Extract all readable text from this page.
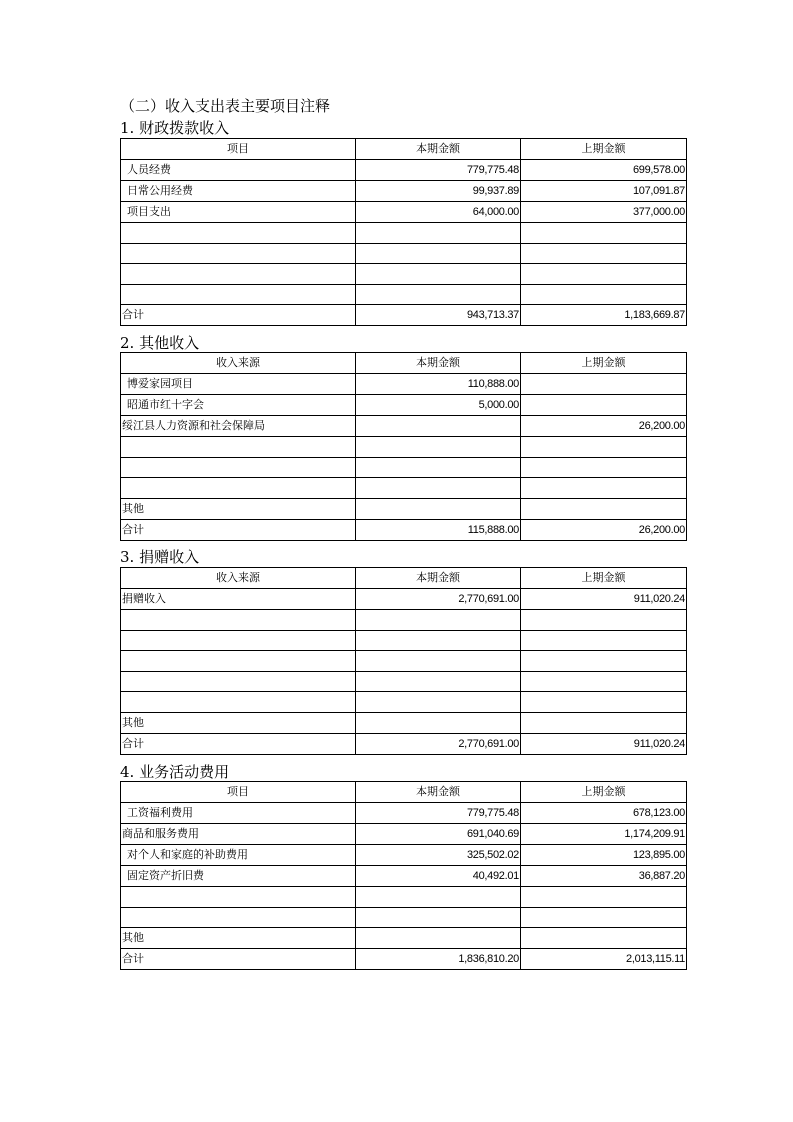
（二）收入支出表主要项目注释
1. 财政拨款收入
项目	本期金额	上期金额
人员经费	779,775.48	699,578.00
日常公用经费	99,937.89	107,091.87
项目支出	64,000.00	377,000.00

合计	943,713.37	1,183,669.87
2. 其他收入
收入来源	本期金额	上期金额
博爱家园项目	110,888.00	
昭通市红十字会	5,000.00	
绥江县人力资源和社会保障局		26,200.00

其他		
合计	115,888.00	26,200.00
3. 捐赠收入
收入来源	本期金额	上期金额
捐赠收入	2,770,691.00	911,020.24

其他		
合计	2,770,691.00	911,020.24
4. 业务活动费用
项目	本期金额	上期金额
工资福利费用	779,775.48	678,123.00
商品和服务费用	691,040.69	1,174,209.91
对个人和家庭的补助费用	325,502.02	123,895.00
固定资产折旧费	40,492.01	36,887.20

其他		
合计	1,836,810.20	2,013,115.11
